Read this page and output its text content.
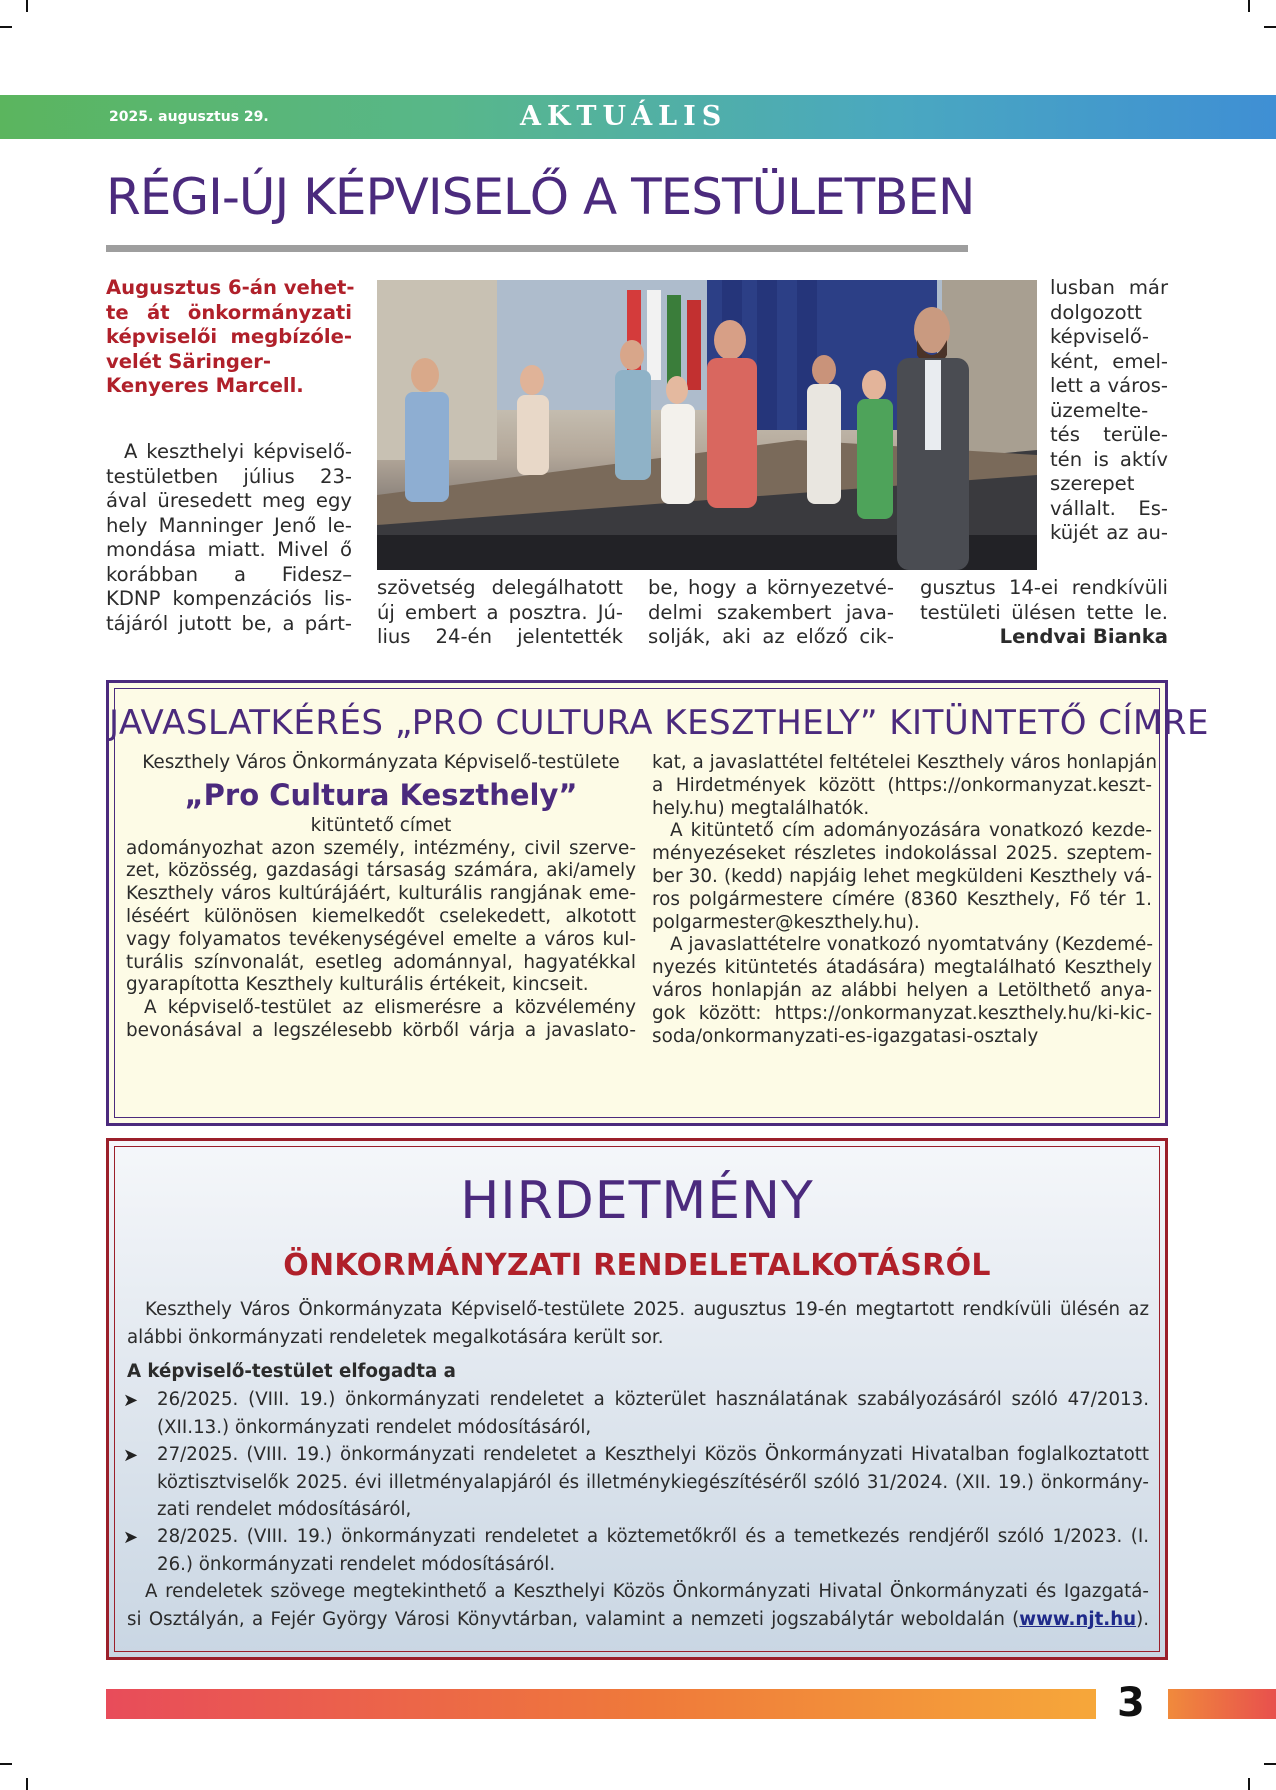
2025. augusztus 29.	AKTUÁLIS
RÉGI-ÚJ KÉPVISELŐ A TESTÜLETBEN
Augusztus 6-án vehet-
te át önkormányzati
képviselői megbízóle-
velét Säringer-
Kenyeres Marcell.
A keszthelyi képviselő-
testületben július 23-
ával üresedett meg egy
hely Manninger Jenő le-
mondása miatt. Mivel ő
korábban a Fidesz–
KDNP kompenzációs lis-
tájáról jutott be, a párt-
szövetség delegálhatott
új embert a posztra. Jú-
lius 24-én jelentették
be, hogy a környezetvé-
delmi szakembert java-
solják, aki az előző cik-
lusban már
dolgozott
képviselő-
ként, emel-
lett a város-
üzemelte-
tés terüle-
tén is aktív
szerepet
vállalt. Es-
küjét az au-
gusztus 14-ei rendkívüli
testületi ülésen tette le.
Lendvai Bianka
JAVASLATKÉRÉS „PRO CULTURA KESZTHELY” KITÜNTETŐ CÍMRE
Keszthely Város Önkormányzata Képviselő-testülete
„Pro Cultura Keszthely”
kitüntető címet
adományozhat azon személy, intézmény, civil szerve-
zet, közösség, gazdasági társaság számára, aki/amely
Keszthely város kultúrájáért, kulturális rangjának eme-
léséért különösen kiemelkedőt cselekedett, alkotott
vagy folyamatos tevékenységével emelte a város kul-
turális színvonalát, esetleg adománnyal, hagyatékkal
gyarapította Keszthely kulturális értékeit, kincseit.
A képviselő-testület az elismerésre a közvélemény
bevonásával a legszélesebb körből várja a javaslato-
kat, a javaslattétel feltételei Keszthely város honlapján
a Hirdetmények között (https://onkormanyzat.keszt-
hely.hu) megtalálhatók.
A kitüntető cím adományozására vonatkozó kezde-
ményezéseket részletes indokolással 2025. szeptem-
ber 30. (kedd) napjáig lehet megküldeni Keszthely vá-
ros polgármestere címére (8360 Keszthely, Fő tér 1.
polgarmester@keszthely.hu).
A javaslattételre vonatkozó nyomtatvány (Kezdemé-
nyezés kitüntetés átadására) megtalálható Keszthely
város honlapján az alábbi helyen a Letölthető anya-
gok között: https://onkormanyzat.keszthely.hu/ki-kic-
soda/onkormanyzati-es-igazgatasi-osztaly
HIRDETMÉNY
ÖNKORMÁNYZATI RENDELETALKOTÁSRÓL
Keszthely Város Önkormányzata Képviselő-testülete 2025. augusztus 19-én megtartott rendkívüli ülésén az
alábbi önkormányzati rendeletek megalkotására került sor.
A képviselő-testület elfogadta a
➤ 26/2025. (VIII. 19.) önkormányzati rendeletet a közterület használatának szabályozásáról szóló 47/2013.
(XII.13.) önkormányzati rendelet módosításáról,
➤ 27/2025. (VIII. 19.) önkormányzati rendeletet a Keszthelyi Közös Önkormányzati Hivatalban foglalkoztatott
köztisztviselők 2025. évi illetményalapjáról és illetménykiegészítéséről szóló 31/2024. (XII. 19.) önkormány-
zati rendelet módosításáról,
➤ 28/2025. (VIII. 19.) önkormányzati rendeletet a köztemetőkről és a temetkezés rendjéről szóló 1/2023. (I.
26.) önkormányzati rendelet módosításáról.
A rendeletek szövege megtekinthető a Keszthelyi Közös Önkormányzati Hivatal Önkormányzati és Igazgatá-
si Osztályán, a Fejér György Városi Könyvtárban, valamint a nemzeti jogszabálytár weboldalán (www.njt.hu).
3
